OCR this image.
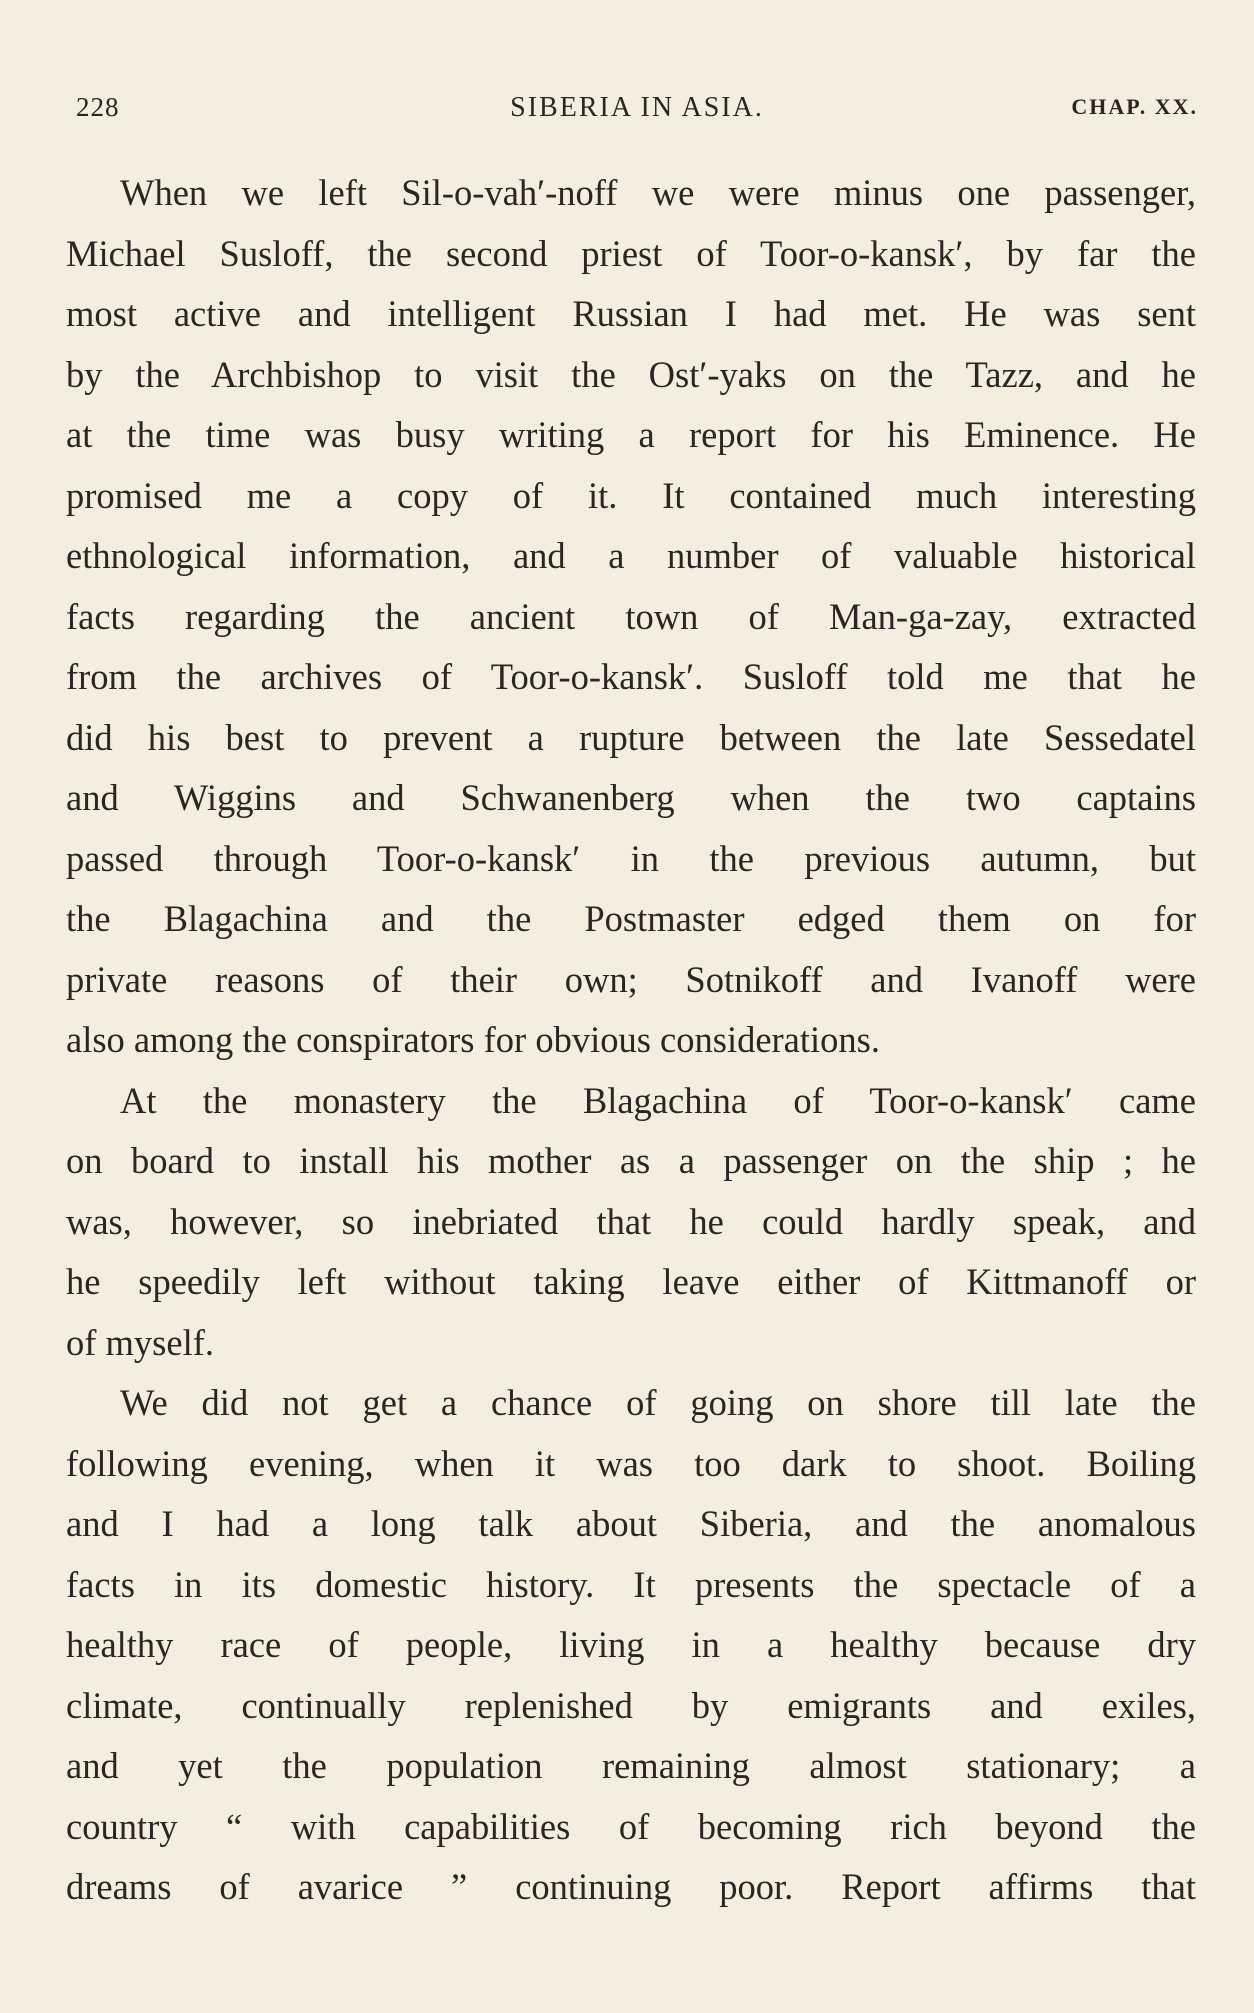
228	SIBERIA IN ASIA.	CHAP. XX.
When we left Sil-o-vah′-noff we were minus one passenger,
Michael Susloff, the second priest of Toor-o-kansk′, by far the
most active and intelligent Russian I had met. He was sent
by the Archbishop to visit the Ost′-yaks on the Tazz, and he
at the time was busy writing a report for his Eminence. He
promised me a copy of it. It contained much interesting
ethnological information, and a number of valuable historical
facts regarding the ancient town of Man-ga-zay, extracted
from the archives of Toor-o-kansk′. Susloff told me that he
did his best to prevent a rupture between the late Sessedatel
and Wiggins and Schwanenberg when the two captains
passed through Toor-o-kansk′ in the previous autumn, but
the Blagachina and the Postmaster edged them on for
private reasons of their own; Sotnikoff and Ivanoff were
also among the conspirators for obvious considerations.
At the monastery the Blagachina of Toor-o-kansk′ came
on board to install his mother as a passenger on the ship ; he
was, however, so inebriated that he could hardly speak, and
he speedily left without taking leave either of Kittmanoff or
of myself.
We did not get a chance of going on shore till late the
following evening, when it was too dark to shoot. Boiling
and I had a long talk about Siberia, and the anomalous
facts in its domestic history. It presents the spectacle of a
healthy race of people, living in a healthy because dry
climate, continually replenished by emigrants and exiles,
and yet the population remaining almost stationary; a
country “ with capabilities of becoming rich beyond the
dreams of avarice ” continuing poor. Report affirms that
